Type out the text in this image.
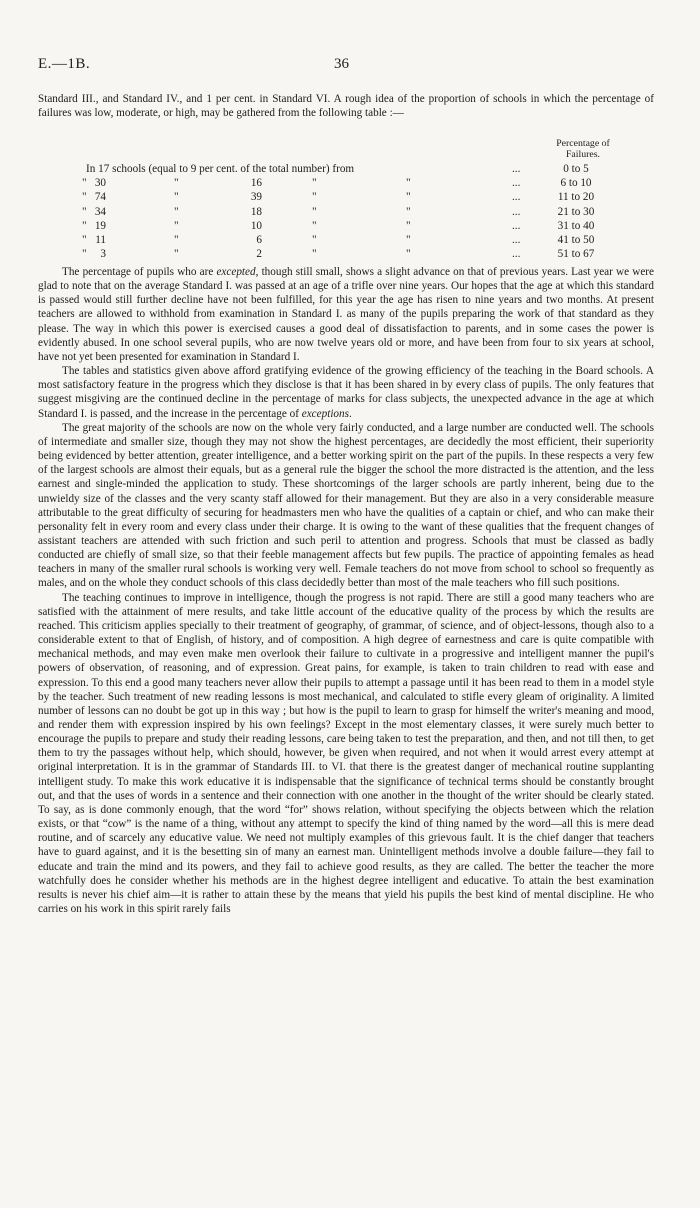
E.—1B.	36

Standard III., and Standard IV., and 1 per cent. in Standard VI. A rough idea of the proportion of schools in which the percentage of failures was low, moderate, or high, may be gathered from the following table :—

Percentage of Failures.
In 17 schools (equal to 9 per cent. of the total number) from	...	0 to 5
" 30	"	16	"	"	...	6 to 10
" 74	"	39	"	"	...	11 to 20
" 34	"	18	"	"	...	21 to 30
" 19	"	10	"	"	...	31 to 40
" 11	"	6	"	"	...	41 to 50
"	3	"	2	"	"	...	51 to 67

The percentage of pupils who are excepted, though still small, shows a slight advance on that of previous years. Last year we were glad to note that on the average Standard I. was passed at an age of a trifle over nine years. Our hopes that the age at which this standard is passed would still further decline have not been fulfilled, for this year the age has risen to nine years and two months. At present teachers are allowed to withhold from examination in Standard I. as many of the pupils preparing the work of that standard as they please. The way in which this power is exercised causes a good deal of dissatisfaction to parents, and in some cases the power is evidently abused. In one school several pupils, who are now twelve years old or more, and have been from four to six years at school, have not yet been presented for examination in Standard I.

The tables and statistics given above afford gratifying evidence of the growing efficiency of the teaching in the Board schools. A most satisfactory feature in the progress which they disclose is that it has been shared in by every class of pupils. The only features that suggest misgiving are the continued decline in the percentage of marks for class subjects, the unexpected advance in the age at which Standard I. is passed, and the increase in the percentage of exceptions.

The great majority of the schools are now on the whole very fairly conducted, and a large number are conducted well. The schools of intermediate and smaller size, though they may not show the highest percentages, are decidedly the most efficient, their superiority being evidenced by better attention, greater intelligence, and a better working spirit on the part of the pupils. In these respects a very few of the largest schools are almost their equals, but as a general rule the bigger the school the more distracted is the attention, and the less earnest and single-minded the application to study. These shortcomings of the larger schools are partly inherent, being due to the unwieldy size of the classes and the very scanty staff allowed for their management. But they are also in a very considerable measure attributable to the great difficulty of securing for headmasters men who have the qualities of a captain or chief, and who can make their personality felt in every room and every class under their charge. It is owing to the want of these qualities that the frequent changes of assistant teachers are attended with such friction and such peril to attention and progress. Schools that must be classed as badly conducted are chiefly of small size, so that their feeble management affects but few pupils. The practice of appointing females as head teachers in many of the smaller rural schools is working very well. Female teachers do not move from school to school so frequently as males, and on the whole they conduct schools of this class decidedly better than most of the male teachers who fill such positions.

The teaching continues to improve in intelligence, though the progress is not rapid. There are still a good many teachers who are satisfied with the attainment of mere results, and take little account of the educative quality of the process by which the results are reached. This criticism applies specially to their treatment of geography, of grammar, of science, and of object-lessons, though also to a considerable extent to that of English, of history, and of composition. A high degree of earnestness and care is quite compatible with mechanical methods, and may even make men overlook their failure to cultivate in a progressive and intelligent manner the pupil's powers of observation, of reasoning, and of expression. Great pains, for example, is taken to train children to read with ease and expression. To this end a good many teachers never allow their pupils to attempt a passage until it has been read to them in a model style by the teacher. Such treatment of new reading lessons is most mechanical, and calculated to stifle every gleam of originality. A limited number of lessons can no doubt be got up in this way ; but how is the pupil to learn to grasp for himself the writer's meaning and mood, and render them with expression inspired by his own feelings? Except in the most elementary classes, it were surely much better to encourage the pupils to prepare and study their reading lessons, care being taken to test the preparation, and then, and not till then, to get them to try the passages without help, which should, however, be given when required, and not when it would arrest every attempt at original interpretation. It is in the grammar of Standards III. to VI. that there is the greatest danger of mechanical routine supplanting intelligent study. To make this work educative it is indispensable that the significance of technical terms should be constantly brought out, and that the uses of words in a sentence and their connection with one another in the thought of the writer should be clearly stated. To say, as is done commonly enough, that the word “for” shows relation, without specifying the objects between which the relation exists, or that “cow” is the name of a thing, without any attempt to specify the kind of thing named by the word—all this is mere dead routine, and of scarcely any educative value. We need not multiply examples of this grievous fault. It is the chief danger that teachers have to guard against, and it is the besetting sin of many an earnest man. Unintelligent methods involve a double failure—they fail to educate and train the mind and its powers, and they fail to achieve good results, as they are called. The better the teacher the more watchfully does he consider whether his methods are in the highest degree intelligent and educative. To attain the best examination results is never his chief aim—it is rather to attain these by the means that yield his pupils the best kind of mental discipline. He who carries on his work in this spirit rarely fails
